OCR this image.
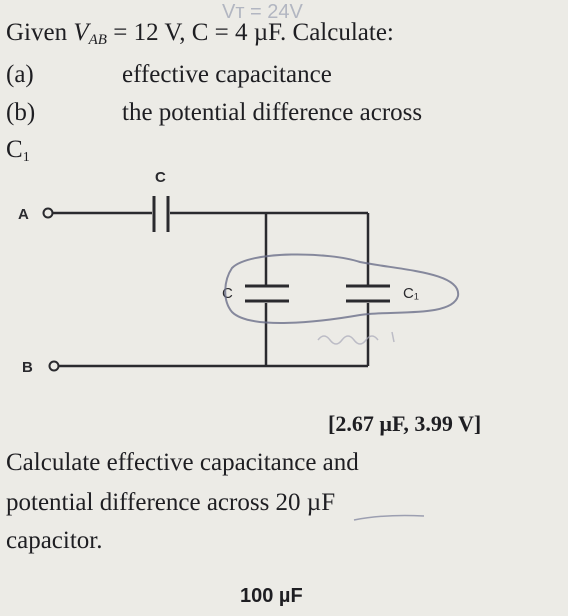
Vᴛ = 24V
A
B
C
C	C₁
Given $V_{AB} = 12$ V, C = 4 µF. Calculate:
(a)	effective capacitance
(b)	the potential difference across
$C_1$
[2.67 µF, 3.99 V]
Calculate effective capacitance and
potential difference across 20 µF
capacitor.
100 µF
